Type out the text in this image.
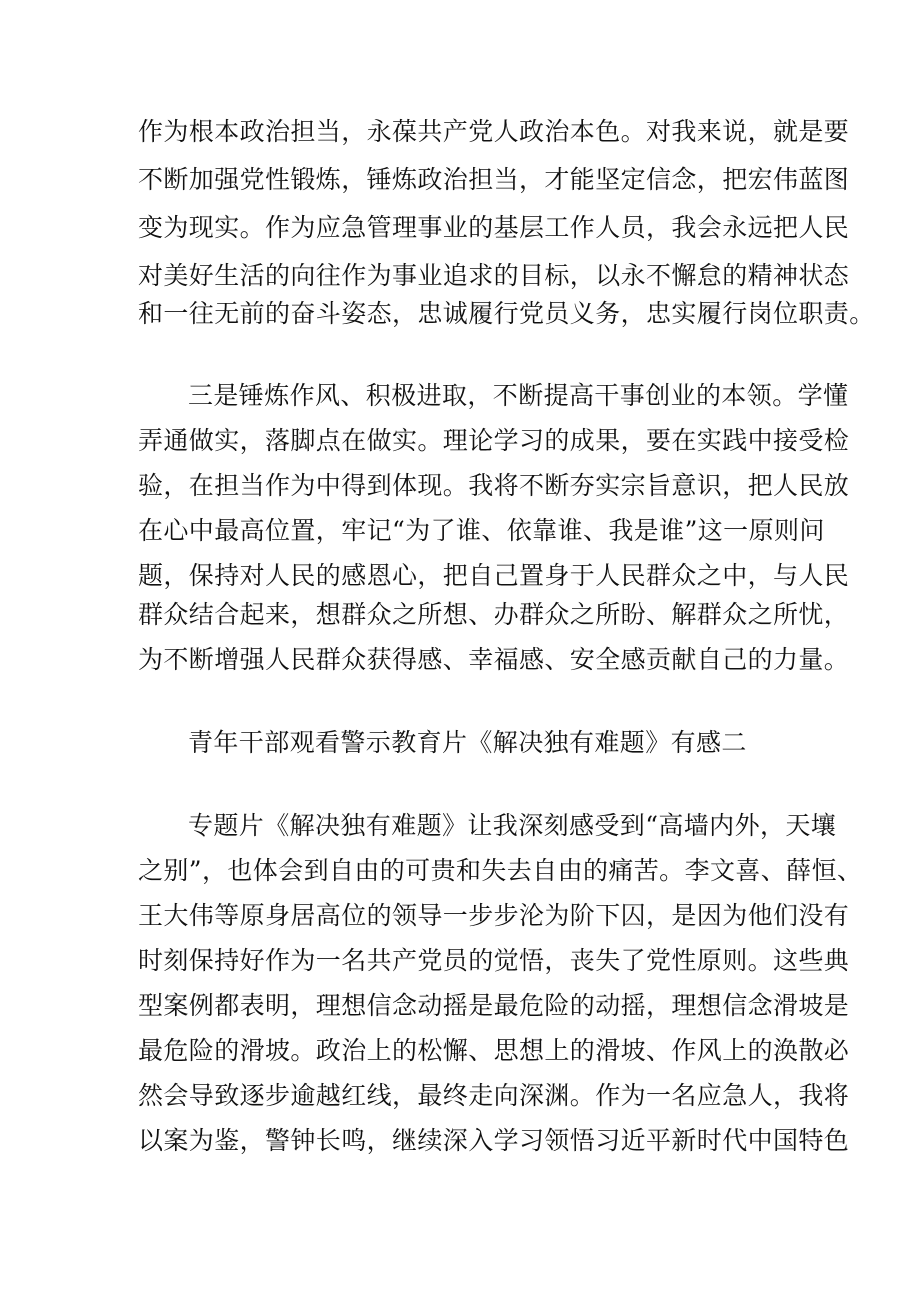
作为根本政治担当，永葆共产党人政治本色。对我来说，就是要
不断加强党性锻炼，锤炼政治担当，才能坚定信念，把宏伟蓝图
变为现实。作为应急管理事业的基层工作人员，我会永远把人民
对美好生活的向往作为事业追求的目标，以永不懈怠的精神状态
和一往无前的奋斗姿态，忠诚履行党员义务，忠实履行岗位职责。
三是锤炼作风、积极进取，不断提高干事创业的本领。学懂
弄通做实，落脚点在做实。理论学习的成果，要在实践中接受检
验，在担当作为中得到体现。我将不断夯实宗旨意识，把人民放
在心中最高位置，牢记“为了谁、依靠谁、我是谁”这一原则问
题，保持对人民的感恩心，把自己置身于人民群众之中，与人民
群众结合起来，想群众之所想、办群众之所盼、解群众之所忧，
为不断增强人民群众获得感、幸福感、安全感贡献自己的力量。
青年干部观看警示教育片《解决独有难题》有感二
专题片《解决独有难题》让我深刻感受到“高墙内外，天壤
之别”，也体会到自由的可贵和失去自由的痛苦。李文喜、薛恒、
王大伟等原身居高位的领导一步步沦为阶下囚，是因为他们没有
时刻保持好作为一名共产党员的觉悟，丧失了党性原则。这些典
型案例都表明，理想信念动摇是最危险的动摇，理想信念滑坡是
最危险的滑坡。政治上的松懈、思想上的滑坡、作风上的涣散必
然会导致逐步逾越红线，最终走向深渊。作为一名应急人，我将
以案为鉴，警钟长鸣，继续深入学习领悟习近平新时代中国特色
